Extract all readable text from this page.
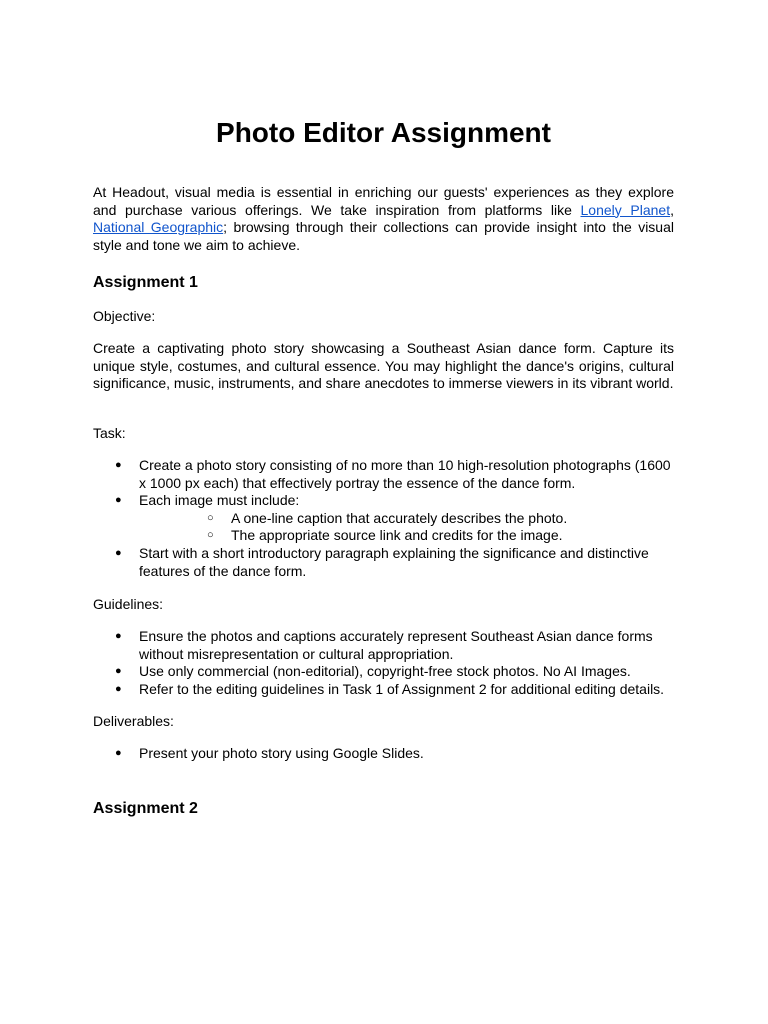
Photo Editor Assignment

At Headout, visual media is essential in enriching our guests' experiences as they explore and purchase various offerings. We take inspiration from platforms like Lonely Planet, National Geographic; browsing through their collections can provide insight into the visual style and tone we aim to achieve.

Assignment 1

Objective:

Create a captivating photo story showcasing a Southeast Asian dance form. Capture its unique style, costumes, and cultural essence. You may highlight the dance's origins, cultural significance, music, instruments, and share anecdotes to immerse viewers in its vibrant world.

Task:

● Create a photo story consisting of no more than 10 high-resolution photographs (1600 x 1000 px each) that effectively portray the essence of the dance form.
● Each image must include:
○ A one-line caption that accurately describes the photo.
○ The appropriate source link and credits for the image.
● Start with a short introductory paragraph explaining the significance and distinctive features of the dance form.

Guidelines:

● Ensure the photos and captions accurately represent Southeast Asian dance forms without misrepresentation or cultural appropriation.
● Use only commercial (non-editorial), copyright-free stock photos. No AI Images.
● Refer to the editing guidelines in Task 1 of Assignment 2 for additional editing details.

Deliverables:

● Present your photo story using Google Slides.
Assignment 2
